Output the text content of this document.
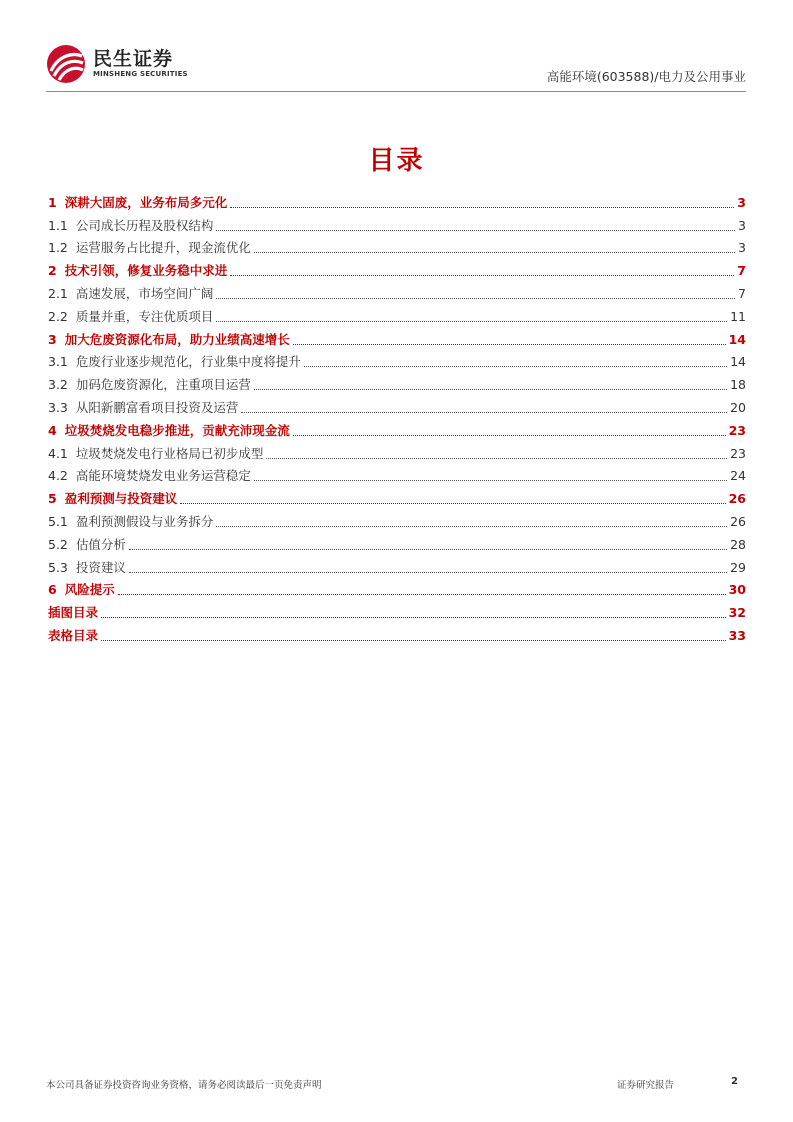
民生证券
MINSHENG SECURITIES	高能环境(603588)/电力及公用事业
目录
1 深耕大固废，业务布局多元化	3
1.1 公司成长历程及股权结构	3
1.2 运营服务占比提升，现金流优化	3
2 技术引领，修复业务稳中求进	7
2.1 高速发展，市场空间广阔	7
2.2 质量并重，专注优质项目	11
3 加大危废资源化布局，助力业绩高速增长	14
3.1 危废行业逐步规范化，行业集中度将提升	14
3.2 加码危废资源化，注重项目运营	18
3.3 从阳新鹏富看项目投资及运营	20
4 垃圾焚烧发电稳步推进，贡献充沛现金流	23
4.1 垃圾焚烧发电行业格局已初步成型	23
4.2 高能环境焚烧发电业务运营稳定	24
5 盈利预测与投资建议	26
5.1 盈利预测假设与业务拆分	26
5.2 估值分析	28
5.3 投资建议	29
6 风险提示	30
插图目录	32
表格目录	33
本公司具备证券投资咨询业务资格，请务必阅读最后一页免责声明	证券研究报告	2
